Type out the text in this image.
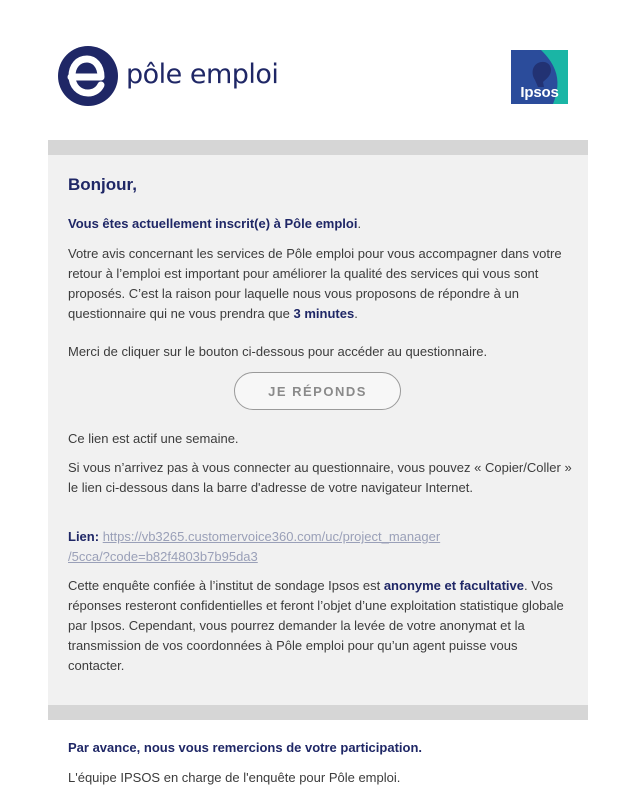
pôle emploi
Ipsos
Bonjour,
Vous êtes actuellement inscrit(e) à Pôle emploi.

Votre avis concernant les services de Pôle emploi pour vous accompagner dans votre retour à l’emploi est important pour améliorer la qualité des services qui vous sont proposés. C’est la raison pour laquelle nous vous proposons de répondre à un questionnaire qui ne vous prendra que 3 minutes.

Merci de cliquer sur le bouton ci-dessous pour accéder au questionnaire.

JE RÉPONDS

Ce lien est actif une semaine.

Si vous n’arrivez pas à vous connecter au questionnaire, vous pouvez « Copier/Coller » le lien ci-dessous dans la barre d'adresse de votre navigateur Internet.

Lien: https://vb3265.customervoice360.com/uc/project_manager
/5cca/?code=b82f4803b7b95da3

Cette enquête confiée à l’institut de sondage Ipsos est anonyme et facultative. Vos réponses resteront confidentielles et feront l’objet d’une exploitation statistique globale par Ipsos. Cependant, vous pourrez demander la levée de votre anonymat et la transmission de vos coordonnées à Pôle emploi pour qu’un agent puisse vous contacter.

Par avance, nous vous remercions de votre participation.
L'équipe IPSOS en charge de l'enquête pour Pôle emploi.
